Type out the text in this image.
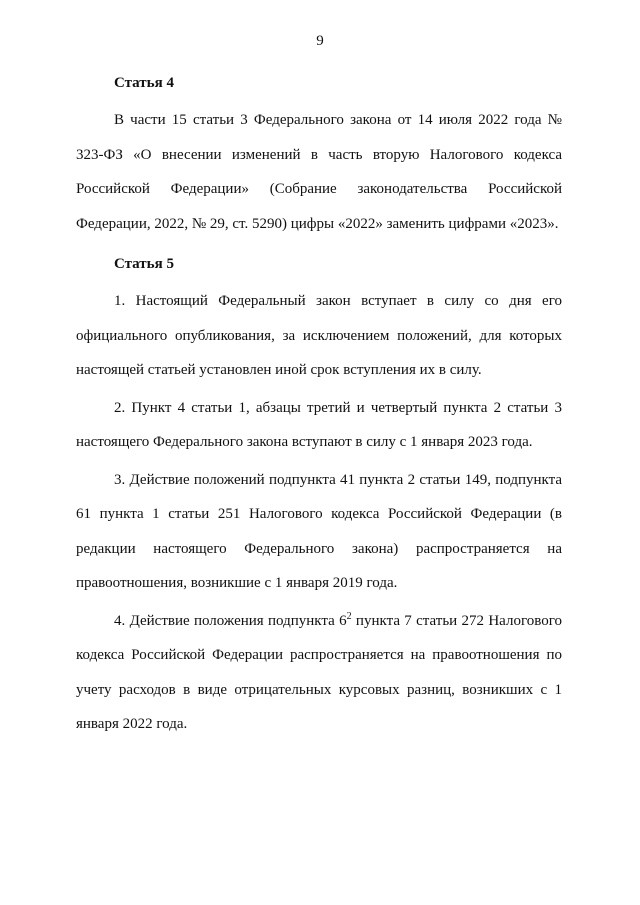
9

Статья 4

В части 15 статьи 3 Федерального закона от 14 июля 2022 года № 323-ФЗ «О внесении изменений в часть вторую Налогового кодекса Российской Федерации» (Собрание законодательства Российской Федерации, 2022, № 29, ст. 5290) цифры «2022» заменить цифрами «2023».

Статья 5

1. Настоящий Федеральный закон вступает в силу со дня его официального опубликования, за исключением положений, для которых настоящей статьей установлен иной срок вступления их в силу.

2. Пункт 4 статьи 1, абзацы третий и четвертый пункта 2 статьи 3 настоящего Федерального закона вступают в силу с 1 января 2023 года.

3. Действие положений подпункта 41 пункта 2 статьи 149, подпункта 61 пункта 1 статьи 251 Налогового кодекса Российской Федерации (в редакции настоящего Федерального закона) распространяется на правоотношения, возникшие с 1 января 2019 года.

4. Действие положения подпункта $6^2$ пункта 7 статьи 272 Налогового кодекса Российской Федерации распространяется на правоотношения по учету расходов в виде отрицательных курсовых разниц, возникших с 1 января 2022 года.
